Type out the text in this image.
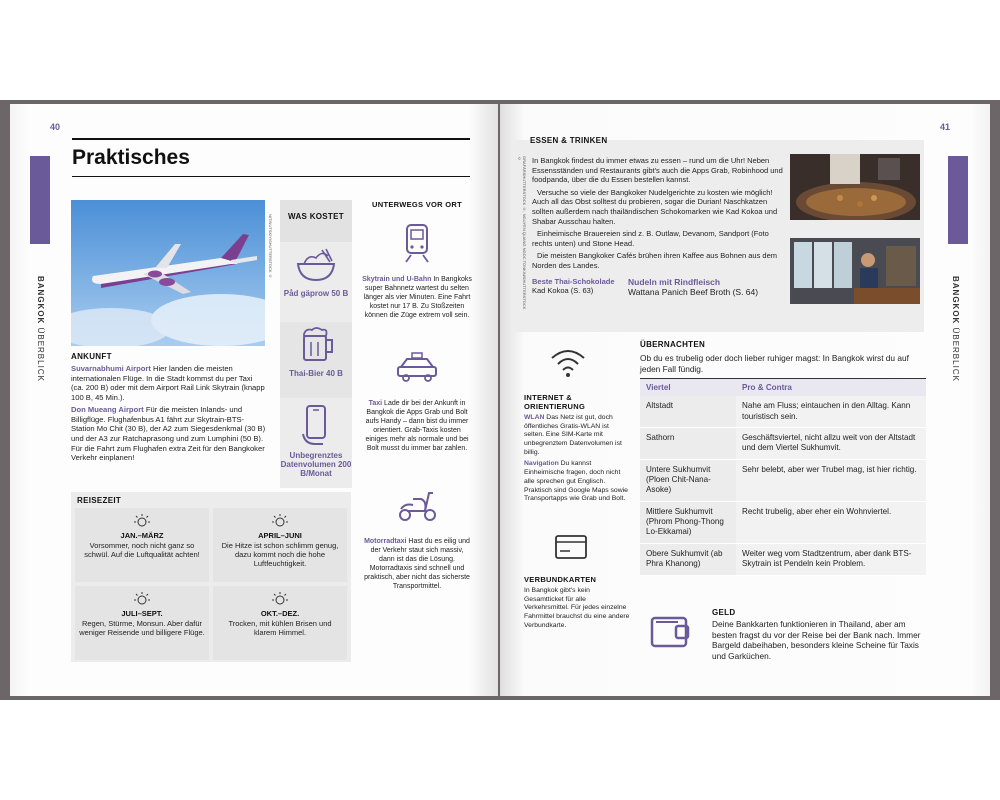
40
BANGKOK ÜBERBLICK
Praktisches
NITINUTSKIY/SHUTTERSTOCK ©
ANKUNFT

Suvarnabhumi Airport Hier landen die meisten internationalen Flüge. In die Stadt kommst du per Taxi (ca. 200 B) oder mit dem Airport Rail Link Skytrain (knapp 100 B, 45 Min.).

Don Mueang Airport Für die meisten Inlands- und Billigflüge. Flughafenbus A1 fährt zur Skytrain-BTS-Station Mo Chit (30 B), der A2 zum Siegesdenkmal (30 B) und der A3 zur Ratchaprasong und zum Lumphini (50 B). Für die Fahrt zum Flughafen extra Zeit für den Bangkoker Verkehr einplanen!

WAS KOSTET
Påd gäprow 50 B
Thai-Bier 40 B
Unbegrenztes Datenvolumen 200 B/Monat
UNTERWEGS VOR ORT

Skytrain und U-Bahn In Bangkoks super Bahnnetz wartest du selten länger als vier Minuten. Eine Fahrt kostet nur 17 B. Zu Stoßzeiten können die Züge extrem voll sein.

Taxi Lade dir bei der Ankunft in Bangkok die Apps Grab und Bolt aufs Handy – dann bist du immer orientiert. Grab-Taxis kosten einiges mehr als normale und bei Bolt musst du immer bar zahlen.

Motorradtaxi Hast du es eilig und der Verkehr staut sich massiv, dann ist das die Lösung. Motorradtaxis sind schnell und praktisch, aber nicht das sicherste Transportmittel.

REISEZEIT
JAN.–MÄRZ
Vorsommer, noch nicht ganz so schwül. Auf die Luftqualität achten!
APRIL–JUNI
Die Hitze ist schon schlimm genug, dazu kommt noch die hohe Luftfeuchtigkeit.
JULI–SEPT.
Regen, Stürme, Monsun. Aber dafür weniger Reisende und billigere Flüge.
OKT.–DEZ.
Trocken, mit kühlen Brisen und klarem Himmel.
41
BANGKOK ÜBERBLICK
ESSEN & TRINKEN
GRAFÄRSHUTTERSTOCK ©, NGUYEN QUANG NGOC TONKIN/SHUTTERSTOCK ©	In Bangkok findest du immer etwas zu essen – rund um die Uhr! Neben Essensständen und Restaurants gibt's auch die Apps Grab, Robinhood und foodpanda, über die du Essen bestellen kannst.

Versuche so viele der Bangkoker Nudelgerichte zu kosten wie möglich! Auch all das Obst solltest du probieren, sogar die Durian! Naschkatzen sollten außerdem nach thailändischen Schokomarken wie Kad Kokoa und Shabar Ausschau halten.

Einheimische Brauereien sind z. B. Outlaw, Devanom, Sandport (Foto rechts unten) und Stone Head.

Die meisten Bangkoker Cafés brühen ihren Kaffee aus Bohnen aus dem Norden des Landes.

Beste Thai-Schokolade
Kad Kokoa (S. 63)
Nudeln mit Rindfleisch
Wattana Panich Beef Broth (S. 64)
INTERNET & ORIENTIERUNG

WLAN Das Netz ist gut, doch öffentliches Gratis-WLAN ist selten. Eine SIM-Karte mit unbegrenztem Datenvolumen ist billig.

Navigation Du kannst Einheimische fragen, doch nicht alle sprechen gut Englisch. Praktisch sind Google Maps sowie Transportapps wie Grab und Bolt.

VERBUNDKARTEN

In Bangkok gibt's kein Gesamtticket für alle Verkehrsmittel. Für jedes einzelne Fahrmittel brauchst du eine andere Verbundkarte.

ÜBERNACHTEN

Ob du es trubelig oder doch lieber ruhiger magst: In Bangkok wirst du auf jeden Fall fündig.

Viertel	Pro & Contra
Altstadt	Nahe am Fluss; eintauchen in den Alltag. Kann touristisch sein.
Sathorn	Geschäftsviertel, nicht allzu weit von der Altstadt und dem Viertel Sukhumvit.
Untere Sukhumvit (Ploen Chit-Nana-Asoke)	Sehr belebt, aber wer Trubel mag, ist hier richtig.
Mittlere Sukhumvit (Phrom Phong-Thong Lo-Ekkamai)	Recht trubelig, aber eher ein Wohnviertel.
Obere Sukhumvit (ab Phra Khanong)	Weiter weg vom Stadtzentrum, aber dank BTS-Skytrain ist Pendeln kein Problem.
GELD

Deine Bankkarten funktionieren in Thailand, aber am besten fragst du vor der Reise bei der Bank nach. Immer Bargeld dabeihaben, besonders kleine Scheine für Taxis und Garküchen.
